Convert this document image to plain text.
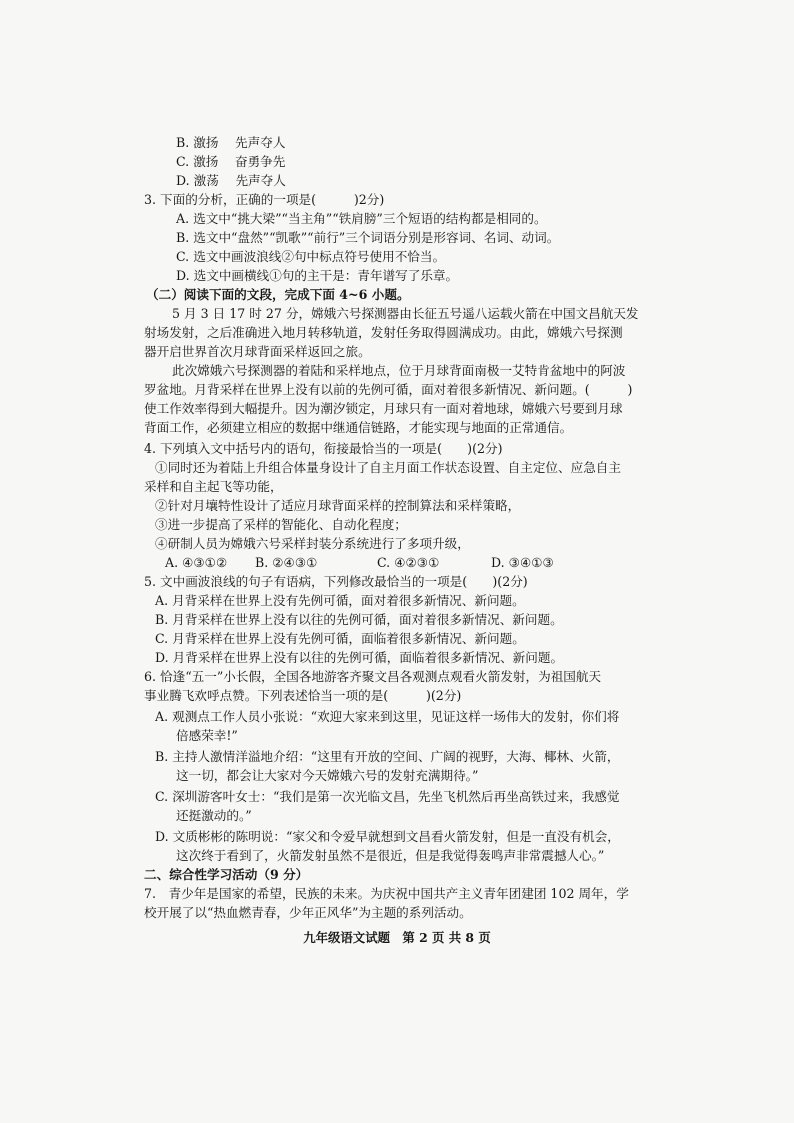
B. 激扬　 先声夺人
C. 激扬　 奋勇争先
D. 激荡　 先声夺人
3. 下面的分析，正确的一项是(　　　)2分)
A. 选文中“挑大梁”“当主角”“铁肩膀”三个短语的结构都是相同的。
B. 选文中“盘然”“凯歌”“前行”三个词语分别是形容词、名词、动词。
C. 选文中画波浪线②句中标点符号使用不恰当。
D. 选文中画横线①句的主干是：青年谱写了乐章。
（二）阅读下面的文段，完成下面 4~6 小题。
5 月 3 日 17 时 27 分，嫦娥六号探测器由长征五号遥八运载火箭在中国文昌航天发
射场发射，之后准确进入地月转移轨道，发射任务取得圆满成功。由此，嫦娥六号探测
器开启世界首次月球背面采样返回之旅。
此次嫦娥六号探测器的着陆和采样地点，位于月球背面南极一艾特肯盆地中的阿波
罗盆地。月背采样在世界上没有以前的先例可循，面对着很多新情况、新问题。(　　　)
使工作效率得到大幅提升。因为潮汐锁定，月球只有一面对着地球，嫦娥六号要到月球
背面工作，必须建立相应的数据中继通信链路，才能实现与地面的正常通信。
4. 下列填入文中括号内的语句，衔接最恰当的一项是(　　)(2分)
①同时还为着陆上升组合体量身设计了自主月面工作状态设置、自主定位、应急自主
采样和自主起飞等功能，
②针对月壤特性设计了适应月球背面采样的控制算法和采样策略，
③进一步提高了采样的智能化、自动化程度；
④研制人员为嫦娥六号采样封装分系统进行了多项升级，
A. ④③①② B. ②④③①	C. ④②③①	D. ③④①③
5. 文中画波浪线的句子有语病，下列修改最恰当的一项是(　　)(2分)
A. 月背采样在世界上没有先例可循，面对着很多新情况、新问题。
B. 月背采样在世界上没有以往的先例可循，面对着很多新情况、新问题。
C. 月背采样在世界上没有先例可循，面临着很多新情况、新问题。
D. 月背采样在世界上没有以往的先例可循，面临着很多新情况、新问题。
6. 恰逢“五一”小长假，全国各地游客齐聚文昌各观测点观看火箭发射，为祖国航天
事业腾飞欢呼点赞。下列表述恰当一项的是(　　　)(2分)
A. 观测点工作人员小张说：“欢迎大家来到这里，见证这样一场伟大的发射，你们将
倍感荣幸!”
B. 主持人激情洋溢地介绍：“这里有开放的空间、广阔的视野，大海、椰林、火箭，
这一切，都会让大家对今天嫦娥六号的发射充满期待。”
C. 深圳游客叶女士：“我们是第一次光临文昌，先坐飞机然后再坐高铁过来，我感觉
还挺激动的。”
D. 文质彬彬的陈明说：“家父和令爱早就想到文昌看火箭发射，但是一直没有机会，
这次终于看到了，火箭发射虽然不是很近，但是我觉得轰鸣声非常震撼人心。”
二、综合性学习活动（9 分）
7.　青少年是国家的希望，民族的未来。为庆祝中国共产主义青年团建团 102 周年，学
校开展了以“热血燃青春，少年正风华”为主题的系列活动。
九年级语文试题　第 2 页 共 8 页
